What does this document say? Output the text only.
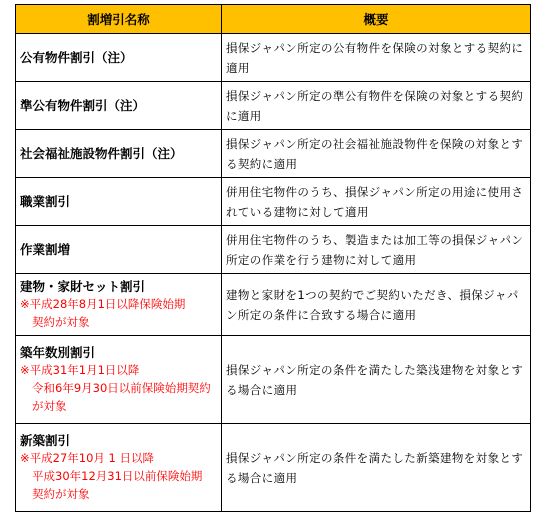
割増引名称	概要
公有物件割引（注）	損保ジャパン所定の公有物件を保険の対象とする契約に適用
準公有物件割引（注）	損保ジャパン所定の準公有物件を保険の対象とする契約に適用
社会福祉施設物件割引（注）	損保ジャパン所定の社会福祉施設物件を保険の対象とする契約に適用
職業割引	併用住宅物件のうち、損保ジャパン所定の用途に使用されている建物に対して適用
作業割増	併用住宅物件のうち、製造または加工等の損保ジャパン所定の作業を行う建物に対して適用

建物・家財セット割引
※平成28年8月1日以降保険始期
契約が対象	建物と家財を1つの契約でご契約いただき、損保ジャパン所定の条件に合致する場合に適用

築年数別割引
※平成31年1月1日以降
令和6年9月30日以前保険始期契約
が対象	損保ジャパン所定の条件を満たした築浅建物を対象とする場合に適用

新築割引
※平成27年10月 1 日以降
平成30年12月31日以前保険始期
契約が対象	損保ジャパン所定の条件を満たした新築建物を対象とする場合に適用
